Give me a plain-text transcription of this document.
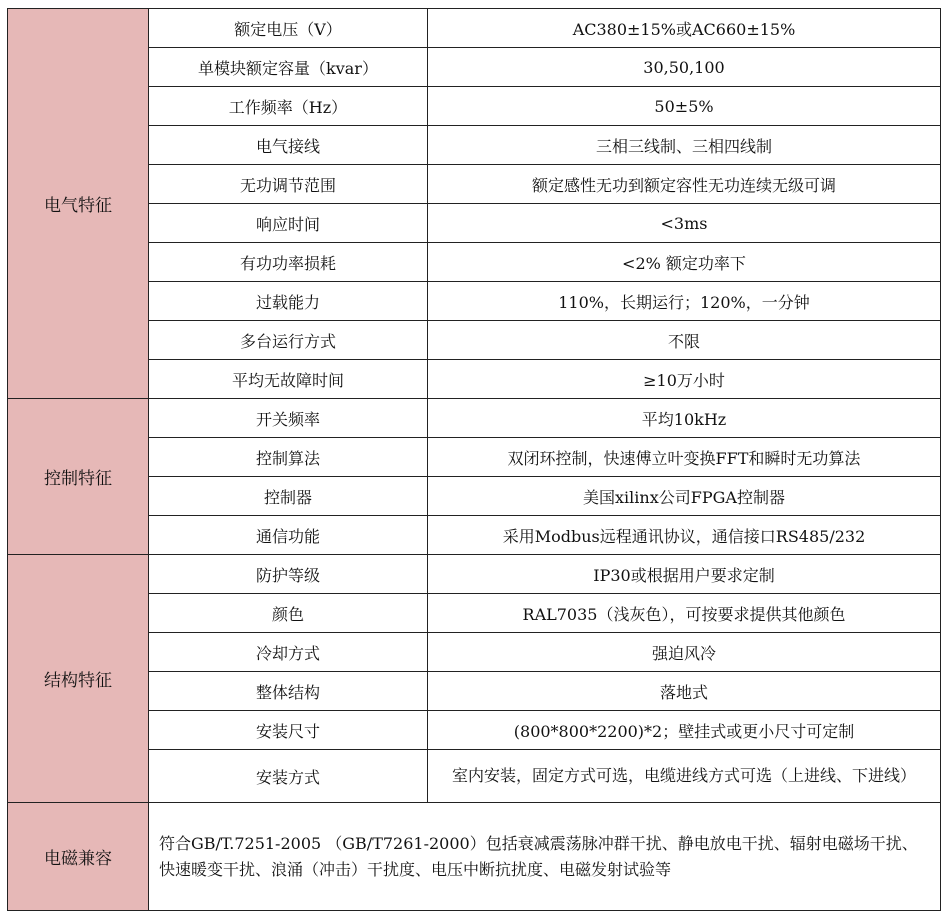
电气特征	额定电压（V）	AC380±15%或AC660±15%
	单模块额定容量（kvar）	30,50,100
	工作频率（Hz）	50±5%
	电气接线	三相三线制、三相四线制
	无功调节范围	额定感性无功到额定容性无功连续无级可调
	响应时间	<3ms
	有功功率损耗	<2% 额定功率下
	过载能力	110%，长期运行；120%，一分钟
	多台运行方式	不限
	平均无故障时间	≥10万小时
控制特征	开关频率	平均10kHz
	控制算法	双闭环控制，快速傅立叶变换FFT和瞬时无功算法
	控制器	美国xilinx公司FPGA控制器
	通信功能	采用Modbus远程通讯协议，通信接口RS485/232
结构特征	防护等级	IP30或根据用户要求定制
	颜色	RAL7035（浅灰色），可按要求提供其他颜色
	冷却方式	强迫风冷
	整体结构	落地式
	安装尺寸	(800*800*2200)*2；壁挂式或更小尺寸可定制
	安装方式	室内安装，固定方式可选，电缆进线方式可选（上进线、下进线）
电磁兼容	符合GB/T.7251-2005 （GB/T7261-2000）包括衰减震荡脉冲群干扰、静电放电干扰、辐射电磁场干扰、快速暖变干扰、浪涌（冲击）干扰度、电压中断抗扰度、电磁发射试验等	
